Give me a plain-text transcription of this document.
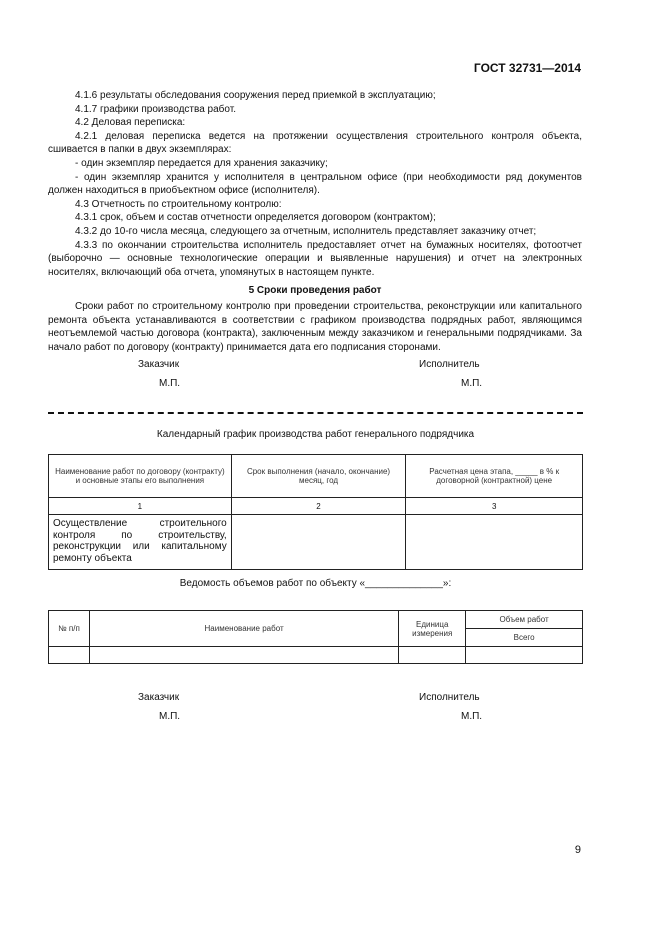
ГОСТ 32731—2014

4.1.6 результаты обследования сооружения перед приемкой в эксплуатацию;

4.1.7 графики производства работ.

4.2 Деловая переписка:

4.2.1 деловая переписка ведется на протяжении осуществления строительного контроля объекта, сшивается в папки в двух экземплярах:

- один экземпляр передается для хранения заказчику;

- один экземпляр хранится у исполнителя в центральном офисе (при необходимости ряд документов должен находиться в приобъектном офисе (исполнителя).

4.3 Отчетность по строительному контролю:

4.3.1 срок, объем и состав отчетности определяется договором (контрактом);

4.3.2 до 10-го числа месяца, следующего за отчетным, исполнитель представляет заказчику отчет;

4.3.3 по окончании строительства исполнитель предоставляет отчет на бумажных носителях, фотоотчет (выборочно — основные технологические операции и выявленные нарушения) и отчет на электронных носителях, включающий оба отчета, упомянутых в настоящем пункте.

5 Сроки проведения работ

Сроки работ по строительному контролю при проведении строительства, реконструкции или капитального ремонта объекта устанавливаются в соответствии с графиком производства подрядных работ, являющимся неотъемлемой частью договора (контракта), заключенным между заказчиком и генеральными подрядчиками. За начало работ по договору (контракту) принимается дата его подписания сторонами.

Заказчик
М.П.
Исполнитель
М.П.
Календарный график производства работ генерального подрядчика
Наименование работ по договору (контракту) и основные этапы его выполнения	Срок выполнения (начало, окончание) месяц, год	Расчетная цена этапа, _____ в % к договорной (контрактной) цене
1	2	3
Осуществление строительного контроля по строительству, реконструкции или капитальному ремонту объекта		
Ведомость объемов работ по объекту «______________»:
№ п/п	Наименование работ	Единица измерения	Объем работ
			Всего

Заказчик
М.П.
Исполнитель
М.П.
9
